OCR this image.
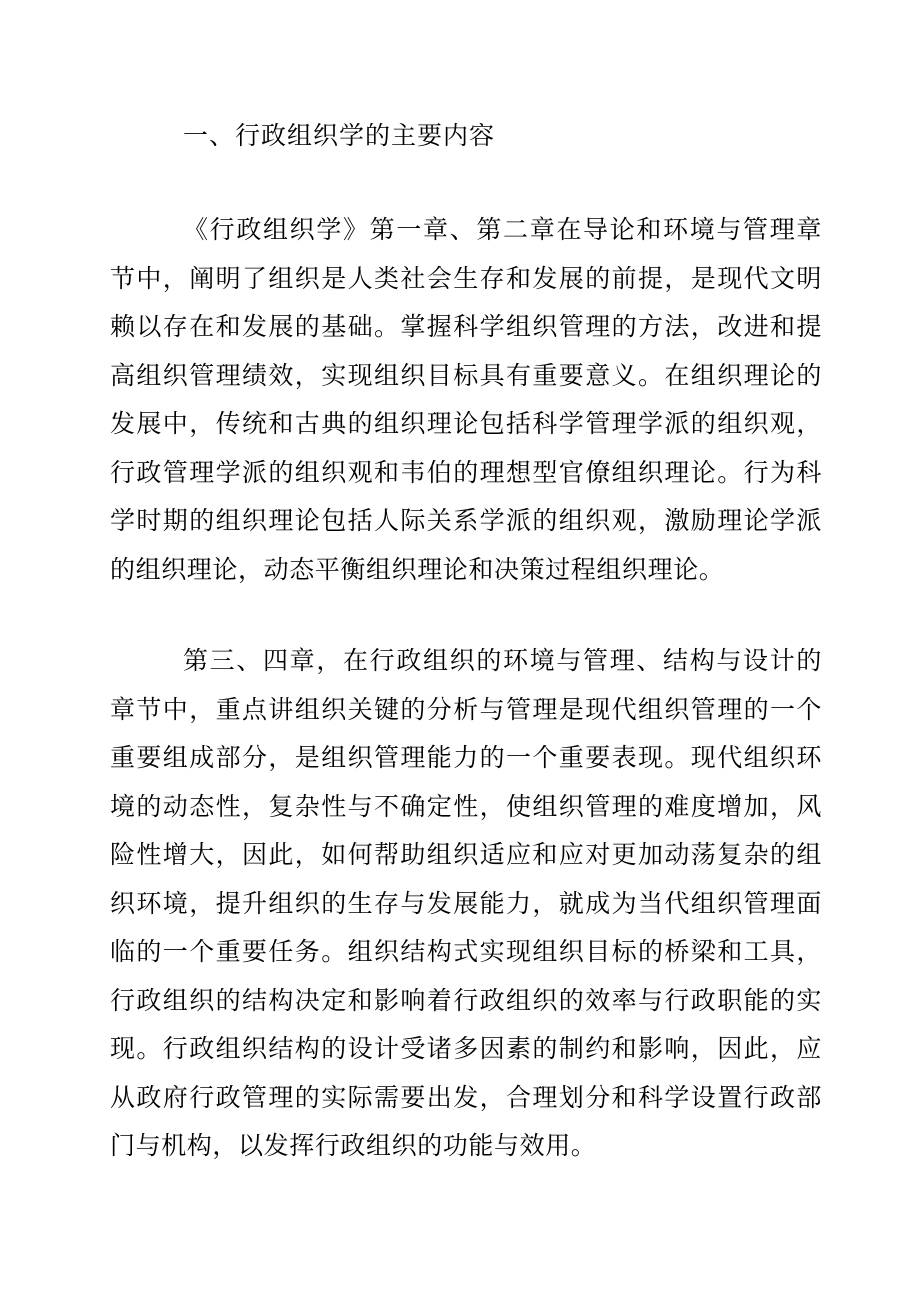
一、行政组织学的主要内容

《行政组织学》第一章、第二章在导论和环境与管理章节中，阐明了组织是人类社会生存和发展的前提，是现代文明赖以存在和发展的基础。掌握科学组织管理的方法，改进和提高组织管理绩效，实现组织目标具有重要意义。在组织理论的发展中，传统和古典的组织理论包括科学管理学派的组织观，行政管理学派的组织观和韦伯的理想型官僚组织理论。行为科学时期的组织理论包括人际关系学派的组织观，激励理论学派的组织理论，动态平衡组织理论和决策过程组织理论。

第三、四章，在行政组织的环境与管理、结构与设计的章节中，重点讲组织关键的分析与管理是现代组织管理的一个重要组成部分，是组织管理能力的一个重要表现。现代组织环境的动态性，复杂性与不确定性，使组织管理的难度增加，风险性增大，因此，如何帮助组织适应和应对更加动荡复杂的组织环境，提升组织的生存与发展能力，就成为当代组织管理面临的一个重要任务。组织结构式实现组织目标的桥梁和工具，行政组织的结构决定和影响着行政组织的效率与行政职能的实现。行政组织结构的设计受诸多因素的制约和影响，因此，应从政府行政管理的实际需要出发，合理划分和科学设置行政部门与机构，以发挥行政组织的功能与效用。
